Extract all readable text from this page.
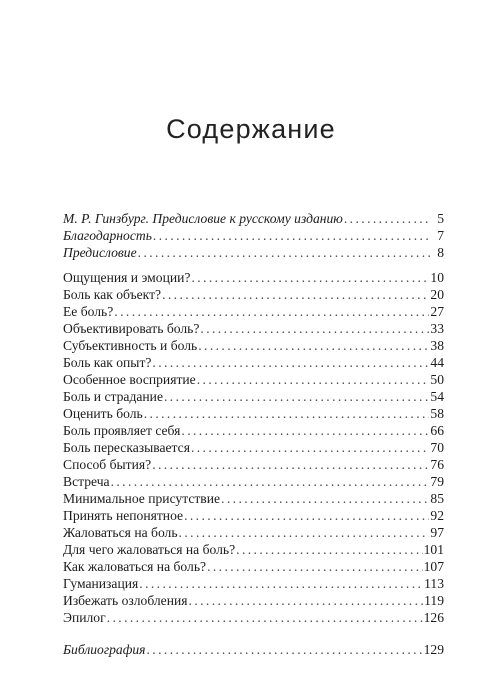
Содержание
М. Р. Гинзбург. Предисловие к русскому изданию . . .	5
Благодарность . . .	7
Предисловие . . .	8
Ощущения и эмоции? . . .	10
Боль как объект? . . .	20
Ее боль? . . .	27
Объективировать боль? . . .	33
Субъективность и боль . . .	38
Боль как опыт? . . .	44
Особенное восприятие . . .	50
Боль и страдание . . .	54
Оценить боль . . .	58
Боль проявляет себя . . .	66
Боль пересказывается . . .	70
Способ бытия? . . .	76
Встреча . . .	79
Минимальное присутствие . . .	85
Принять непонятное . . .	92
Жаловаться на боль . . .	97
Для чего жаловаться на боль? . . .	101
Как жаловаться на боль? . . .	107
Гуманизация . . .	113
Избежать озлобления . . .	119
Эпилог . . .	126
Библиография . . .	129
